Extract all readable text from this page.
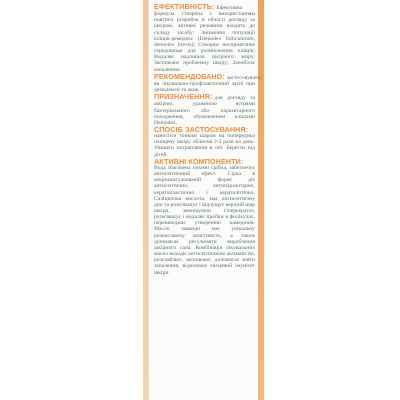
ЕФЕКТИВНІСТЬ: Ефективна формула створена з використанням новітніх розробок в області догляду за шкірою, активні речовини входять до складу засобу: Зниження популяції кліщів-демодекс (Demodex folliculorum, demodex brevis); Створює несприятливе середовище для розмноження кліщів; Видаляє надлишок шкірного жиру; Заспокоює проблемну шкіру; Запобігає запаленню.

РЕКОМЕНДОВАНО: застосовувати, як лікувально-профілактичний засіб при демодекозі та акне.

ПРИЗНАЧЕННЯ: для догляду за шкірою, ураженою вугрями бактеріального або паразитарного походження, обумовленим кліщами Demodex.

СПОСІБ ЗАСТОСУВАННЯ:
наносити тонким шаром на попередньо очищену шкіру обличчя 2-3 рази на день. Уникати потрапляння в очі. Берегти від дітей.

АКТИВНІ КОМПОНЕНТИ:
Вода збагачена іонами срібла, забезпечує антисептичний ефект. Сірка в мікрокапсульованій формі діє антисептично, антипаразитарно, кератопластично і кератолітично. Саліцилова кислота, має антисептичну дію та розм'якшує і відлущує верхній шар шкіри, зменшуючи гіперкератоз, розм'якшує і видаляє пробки в фолікулах, перешкоджає утворенню камедонів. Масло лаванди має унікальну розкисляючу властивість, а також допомагає регулювати вироблення шкірного сала. Комбінація лікувальних масел володіє антисептичною активністю, розслаблює, заспокоює, допомагає зняти запалення, відновлює місцевий імунітет шкіри.
